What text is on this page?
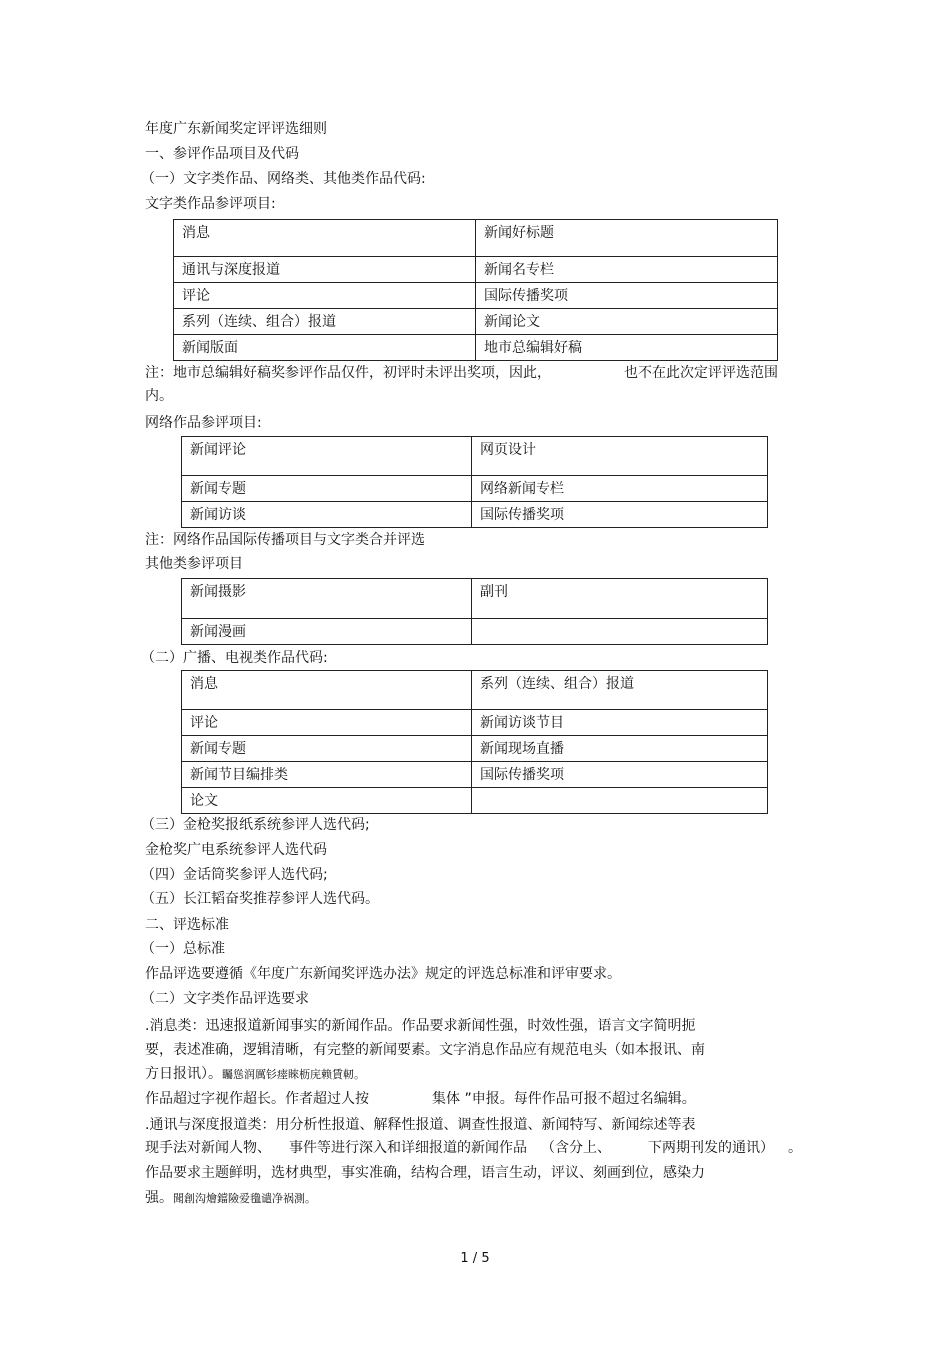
年度广东新闻奖定评评选细则
一、参评作品项目及代码
（一）文字类作品、网络类、其他类作品代码:
文字类作品参评项目:
消息	新闻好标题
通讯与深度报道	新闻名专栏
评论	国际传播奖项
系列（连续、组合）报道	新闻论文
新闻版面	地市总编辑好稿
注：地市总编辑好稿奖参评作品仅件，初评时未评出奖项，因此，	也不在此次定评评选范围
内。
网络作品参评项目:
新闻评论	网页设计
新闻专题	网络新闻专栏
新闻访谈	国际传播奖项
注：网络作品国际传播项目与文字类合并评选
其他类参评项目
新闻摄影	副刊
新闻漫画	
（二）广播、电视类作品代码:
消息	系列（连续、组合）报道
评论	新闻访谈节目
新闻专题	新闻现场直播
新闻节目编排类	国际传播奖项
论文	
（三）金枪奖报纸系统参评人选代码;
金枪奖广电系统参评人选代码
（四）金话筒奖参评人选代码;
（五）长江韬奋奖推荐参评人选代码。
二、评选标准
（一）总标准
作品评选要遵循《年度广东新闻奖评选办法》规定的评选总标准和评审要求。
（二）文字类作品评选要求
.消息类：迅速报道新闻事实的新闻作品。作品要求新闻性强，时效性强，语言文字简明扼
要，表述准确，逻辑清晰，有完整的新闻要素。文字消息作品应有规范电头（如本报讯、南
方日报讯）。矚慫润厲钐瘗睞枥庑赖賃軔。
作品超过字视作超长。作者超过人按	集体 ”申报。每件作品可报不超过名编辑。
.通讯与深度报道类：用分析性报道、解释性报道、调查性报道、新闻特写、新闻综述等表
现手法对新闻人物、 事件等进行深入和详细报道的新闻作品 （含分上、	下两期刊发的通讯） 。
作品要求主题鲜明，选材典型，事实准确，结构合理，语言生动，评议、刻画到位，感染力
强。聞創沟燴鐺險爱氇谴净祸測。
1 / 5
